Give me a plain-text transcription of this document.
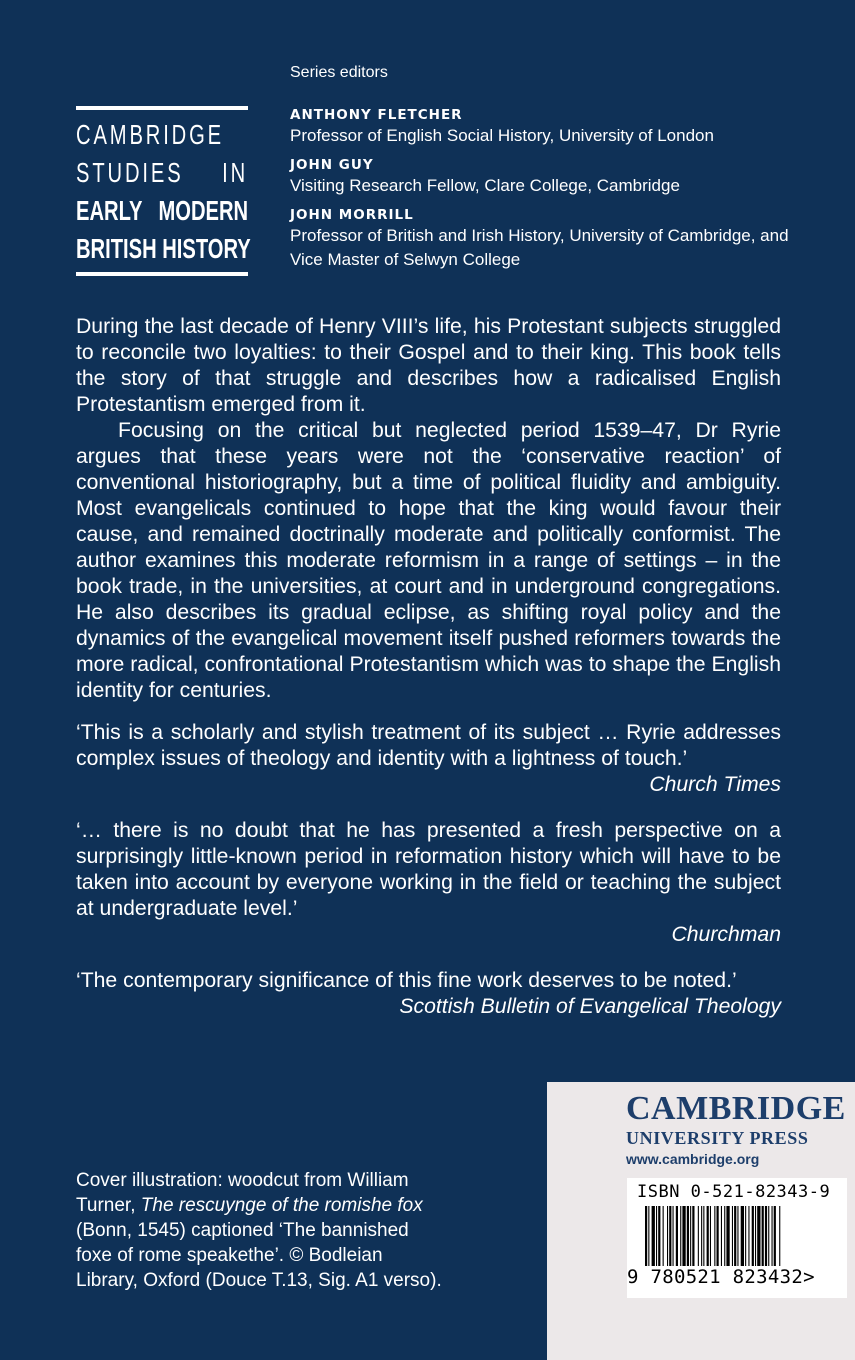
CAMBRIDGE
STUDIES IN
EARLY MODERN
BRITISH HISTORY
Series editors
ANTHONY FLETCHER
Professor of English Social History, University of London
JOHN GUY
Visiting Research Fellow, Clare College, Cambridge
JOHN MORRILL
Professor of British and Irish History, University of Cambridge, and Vice Master of Selwyn College

During the last decade of Henry VIII’s life, his Protestant subjects struggled to reconcile two loyalties: to their Gospel and to their king. This book tells the story of that struggle and describes how a radicalised English Protestantism emerged from it.

Focusing on the critical but neglected period 1539–47, Dr Ryrie argues that these years were not the ‘conservative reaction’ of conventional historiography, but a time of political fluidity and ambiguity. Most evangelicals continued to hope that the king would favour their cause, and remained doctrinally moderate and politically conformist. The author examines this moderate reformism in a range of settings – in the book trade, in the universities, at court and in underground congregations. He also describes its gradual eclipse, as shifting royal policy and the dynamics of the evangelical movement itself pushed reformers towards the more radical, confrontational Protestantism which was to shape the English identity for centuries.

‘This is a scholarly and stylish treatment of its subject … Ryrie addresses complex issues of theology and identity with a lightness of touch.’
Church Times
‘… there is no doubt that he has presented a fresh perspective on a surprisingly little-known period in reformation history which will have to be taken into account by everyone working in the field or teaching the subject at undergraduate level.’
Churchman
‘The contemporary significance of this fine work deserves to be noted.’
Scottish Bulletin of Evangelical Theology
Cover illustration: woodcut from William Turner, The rescuynge of the romishe fox (Bonn, 1545) captioned ‘The bannished foxe of rome speakethe’. © Bodleian Library, Oxford (Douce T.13, Sig. A1 verso).
CAMBRIDGE
UNIVERSITY PRESS
www.cambridge.org
ISBN 0-521-82343-9
9 780521 823432>
